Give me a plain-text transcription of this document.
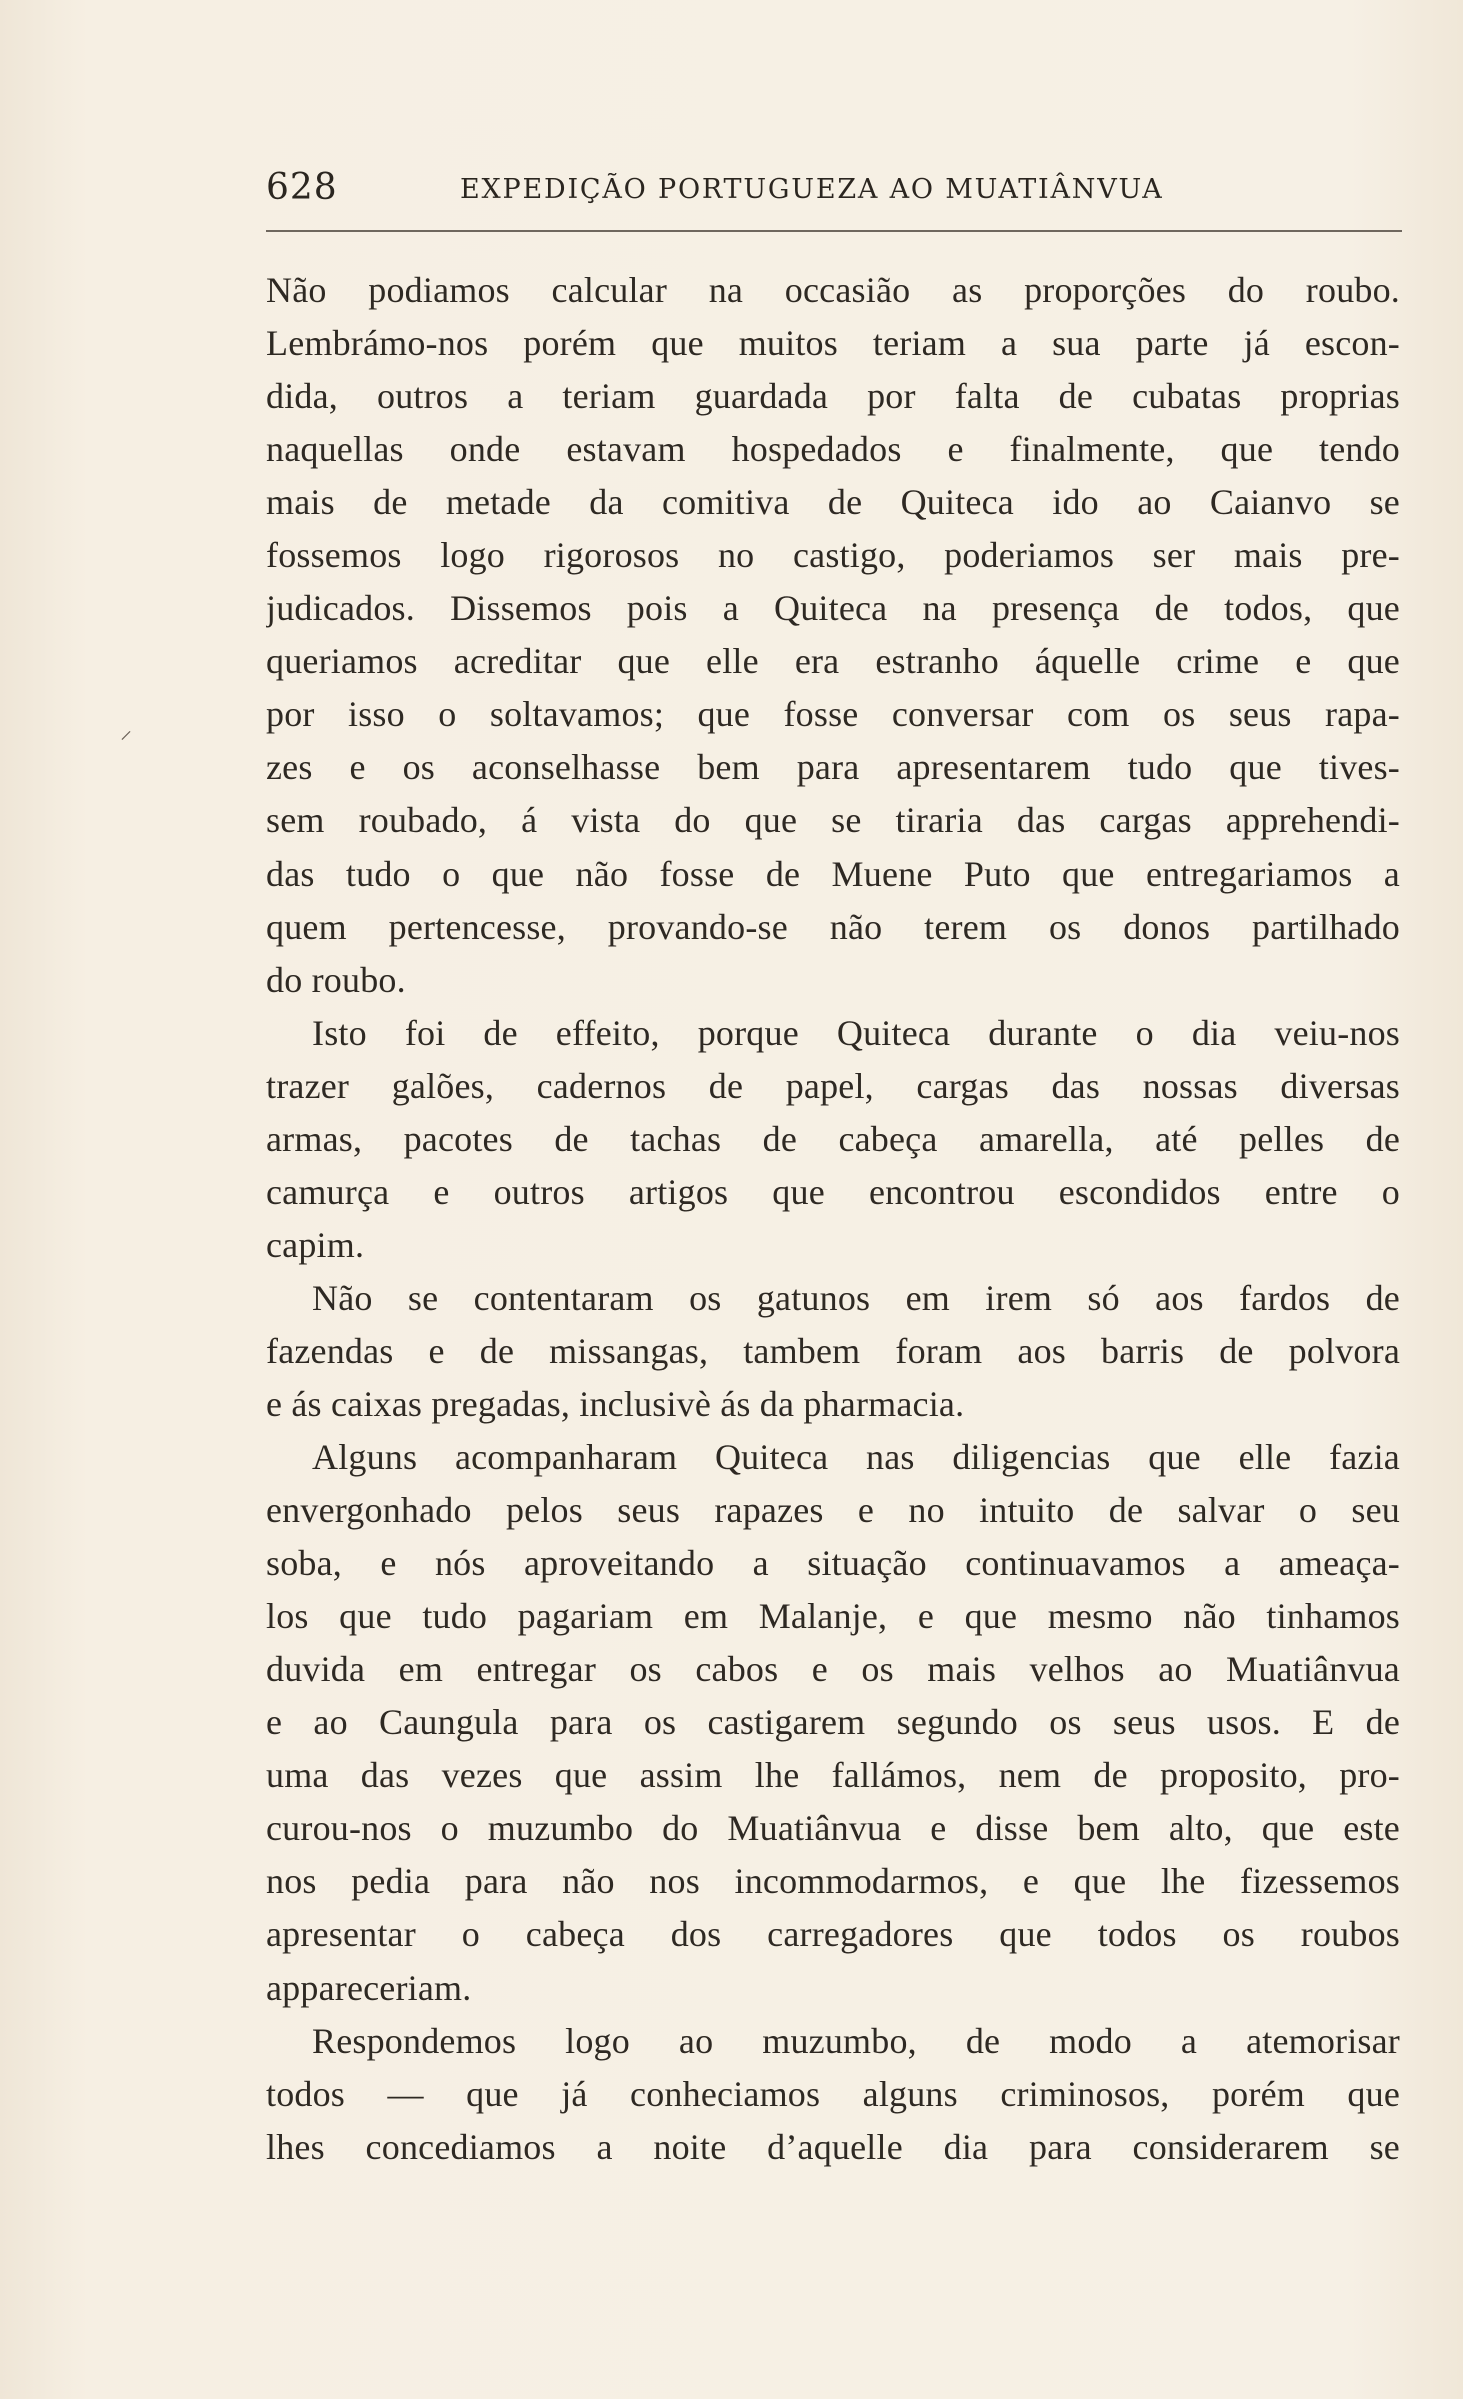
628	EXPEDIÇÃO PORTUGUEZA AO MUATIÂNVUA
⸝
Não podiamos calcular na occasião as proporções do roubo.
Lembrámo-nos porém que muitos teriam a sua parte já escon-
dida, outros a teriam guardada por falta de cubatas proprias
naquellas onde estavam hospedados e finalmente, que tendo
mais de metade da comitiva de Quiteca ido ao Caianvo se
fossemos logo rigorosos no castigo, poderiamos ser mais pre-
judicados. Dissemos pois a Quiteca na presença de todos, que
queriamos acreditar que elle era estranho áquelle crime e que
por isso o soltavamos; que fosse conversar com os seus rapa-
zes e os aconselhasse bem para apresentarem tudo que tives-
sem roubado, á vista do que se tiraria das cargas apprehendi-
das tudo o que não fosse de Muene Puto que entregariamos a
quem pertencesse, provando-se não terem os donos partilhado
do roubo.
Isto foi de effeito, porque Quiteca durante o dia veiu-nos
trazer galões, cadernos de papel, cargas das nossas diversas
armas, pacotes de tachas de cabeça amarella, até pelles de
camurça e outros artigos que encontrou escondidos entre o
capim.
Não se contentaram os gatunos em irem só aos fardos de
fazendas e de missangas, tambem foram aos barris de polvora
e ás caixas pregadas, inclusivè ás da pharmacia.
Alguns acompanharam Quiteca nas diligencias que elle fazia
envergonhado pelos seus rapazes e no intuito de salvar o seu
soba, e nós aproveitando a situação continuavamos a ameaça-
los que tudo pagariam em Malanje, e que mesmo não tinhamos
duvida em entregar os cabos e os mais velhos ao Muatiânvua
e ao Caungula para os castigarem segundo os seus usos. E de
uma das vezes que assim lhe fallámos, nem de proposito, pro-
curou-nos o muzumbo do Muatiânvua e disse bem alto, que este
nos pedia para não nos incommodarmos, e que lhe fizessemos
apresentar o cabeça dos carregadores que todos os roubos
appareceriam.
Respondemos logo ao muzumbo, de modo a atemorisar
todos — que já conheciamos alguns criminosos, porém que
lhes concediamos a noite d’aquelle dia para considerarem se
